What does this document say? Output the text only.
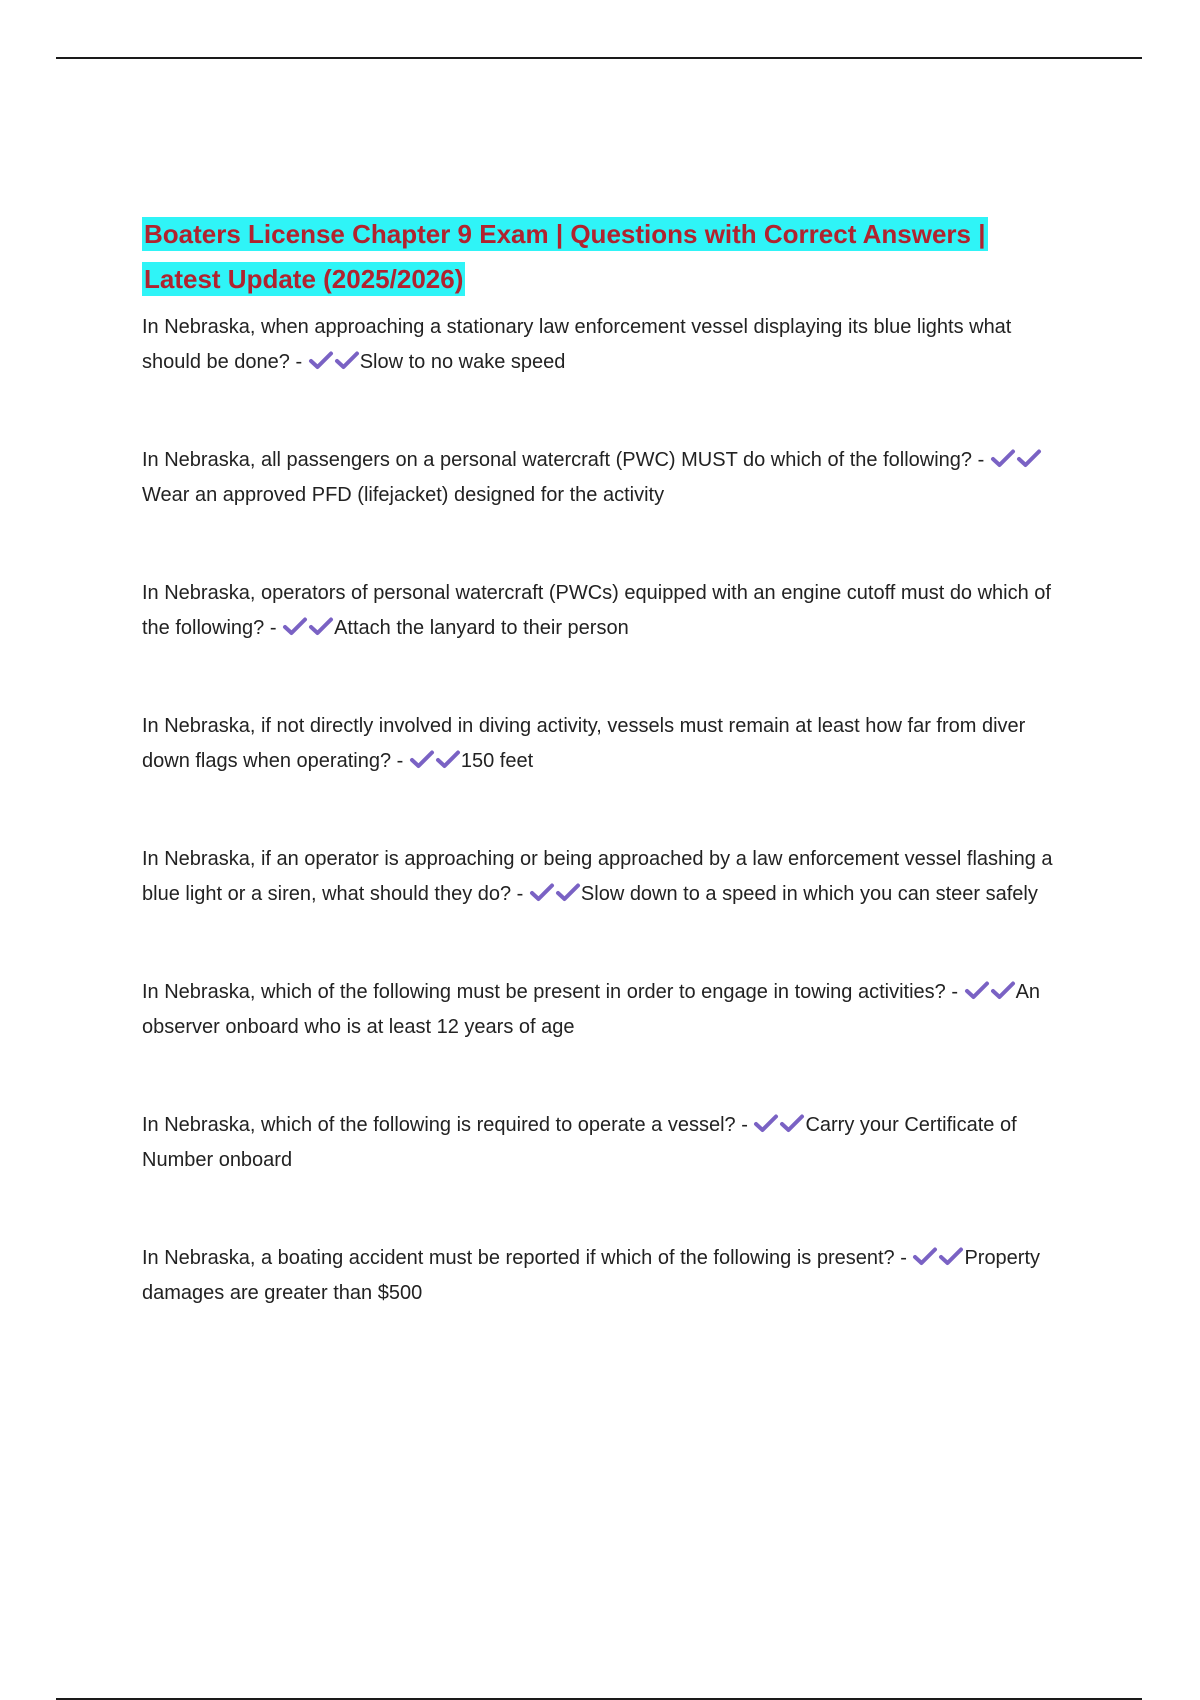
Boaters License Chapter 9 Exam | Questions with Correct Answers | Latest Update (2025/2026)

In Nebraska, when approaching a stationary law enforcement vessel displaying its blue lights what should be done? -	Slow to no wake speed

In Nebraska, all passengers on a personal watercraft (PWC) MUST do which of the following? -
Wear an approved PFD (lifejacket) designed for the activity

In Nebraska, operators of personal watercraft (PWCs) equipped with an engine cutoff must do which of the following? -	Attach the lanyard to their person

In Nebraska, if not directly involved in diving activity, vessels must remain at least how far from diver down flags when operating? -	150 feet

In Nebraska, if an operator is approaching or being approached by a law enforcement vessel flashing a blue light or a siren, what should they do? -	Slow down to a speed in which you can steer safely

In Nebraska, which of the following must be present in order to engage in towing activities? -	An observer onboard who is at least 12 years of age

In Nebraska, which of the following is required to operate a vessel? -	Carry your Certificate of Number onboard

In Nebraska, a boating accident must be reported if which of the following is present? -	Property damages are greater than $500
